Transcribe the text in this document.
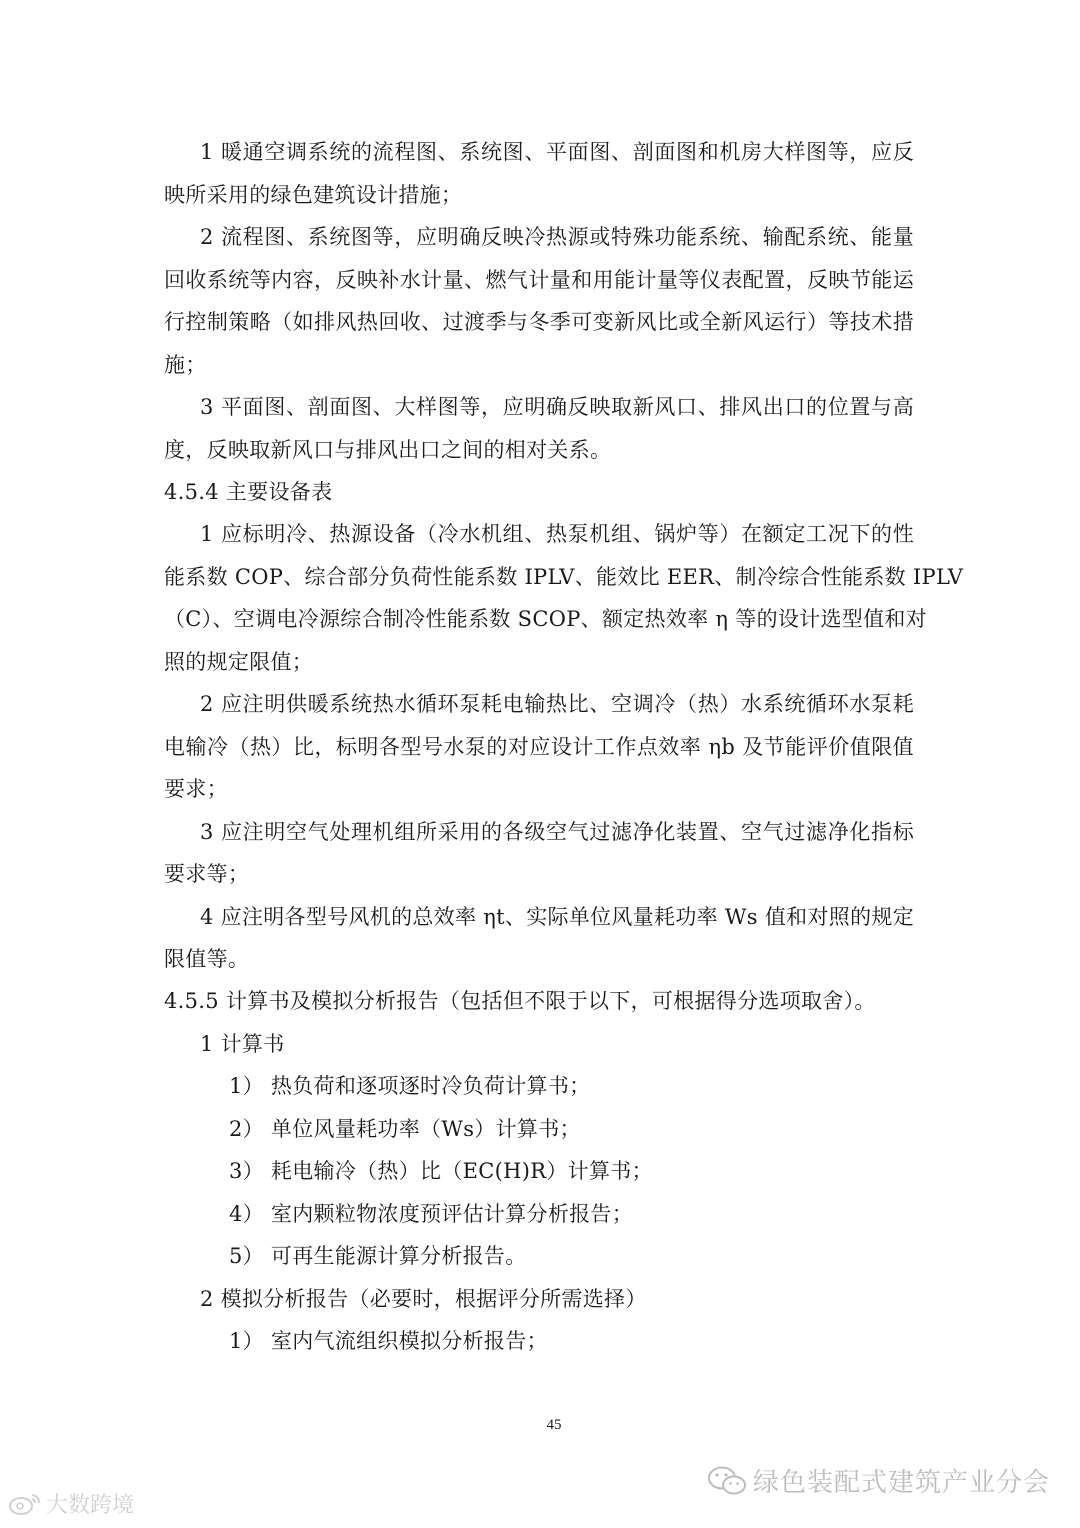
1 暖通空调系统的流程图、系统图、平面图、剖面图和机房大样图等，应反
映所采用的绿色建筑设计措施；
2 流程图、系统图等，应明确反映冷热源或特殊功能系统、输配系统、能量
回收系统等内容，反映补水计量、燃气计量和用能计量等仪表配置，反映节能运
行控制策略（如排风热回收、过渡季与冬季可变新风比或全新风运行）等技术措
施；
3 平面图、剖面图、大样图等，应明确反映取新风口、排风出口的位置与高
度，反映取新风口与排风出口之间的相对关系。
4.5.4 主要设备表
1 应标明冷、热源设备（冷水机组、热泵机组、锅炉等）在额定工况下的性
能系数 COP、综合部分负荷性能系数 IPLV、能效比 EER、制冷综合性能系数 IPLV
（C）、空调电冷源综合制冷性能系数 SCOP、额定热效率 η 等的设计选型值和对
照的规定限值；
2 应注明供暖系统热水循环泵耗电输热比、空调冷（热）水系统循环水泵耗
电输冷（热）比，标明各型号水泵的对应设计工作点效率 ηb 及节能评价值限值
要求；
3 应注明空气处理机组所采用的各级空气过滤净化装置、空气过滤净化指标
要求等；
4 应注明各型号风机的总效率 ηt、实际单位风量耗功率 Ws 值和对照的规定
限值等。
4.5.5 计算书及模拟分析报告（包括但不限于以下，可根据得分选项取舍）。
1 计算书
1） 热负荷和逐项逐时冷负荷计算书；
2） 单位风量耗功率（Ws）计算书；
3） 耗电输冷（热）比（EC(H)R）计算书；
4） 室内颗粒物浓度预评估计算分析报告；
5） 可再生能源计算分析报告。
2 模拟分析报告（必要时，根据评分所需选择）
1） 室内气流组织模拟分析报告；
45
绿色装配式建筑产业分会
大数跨境
